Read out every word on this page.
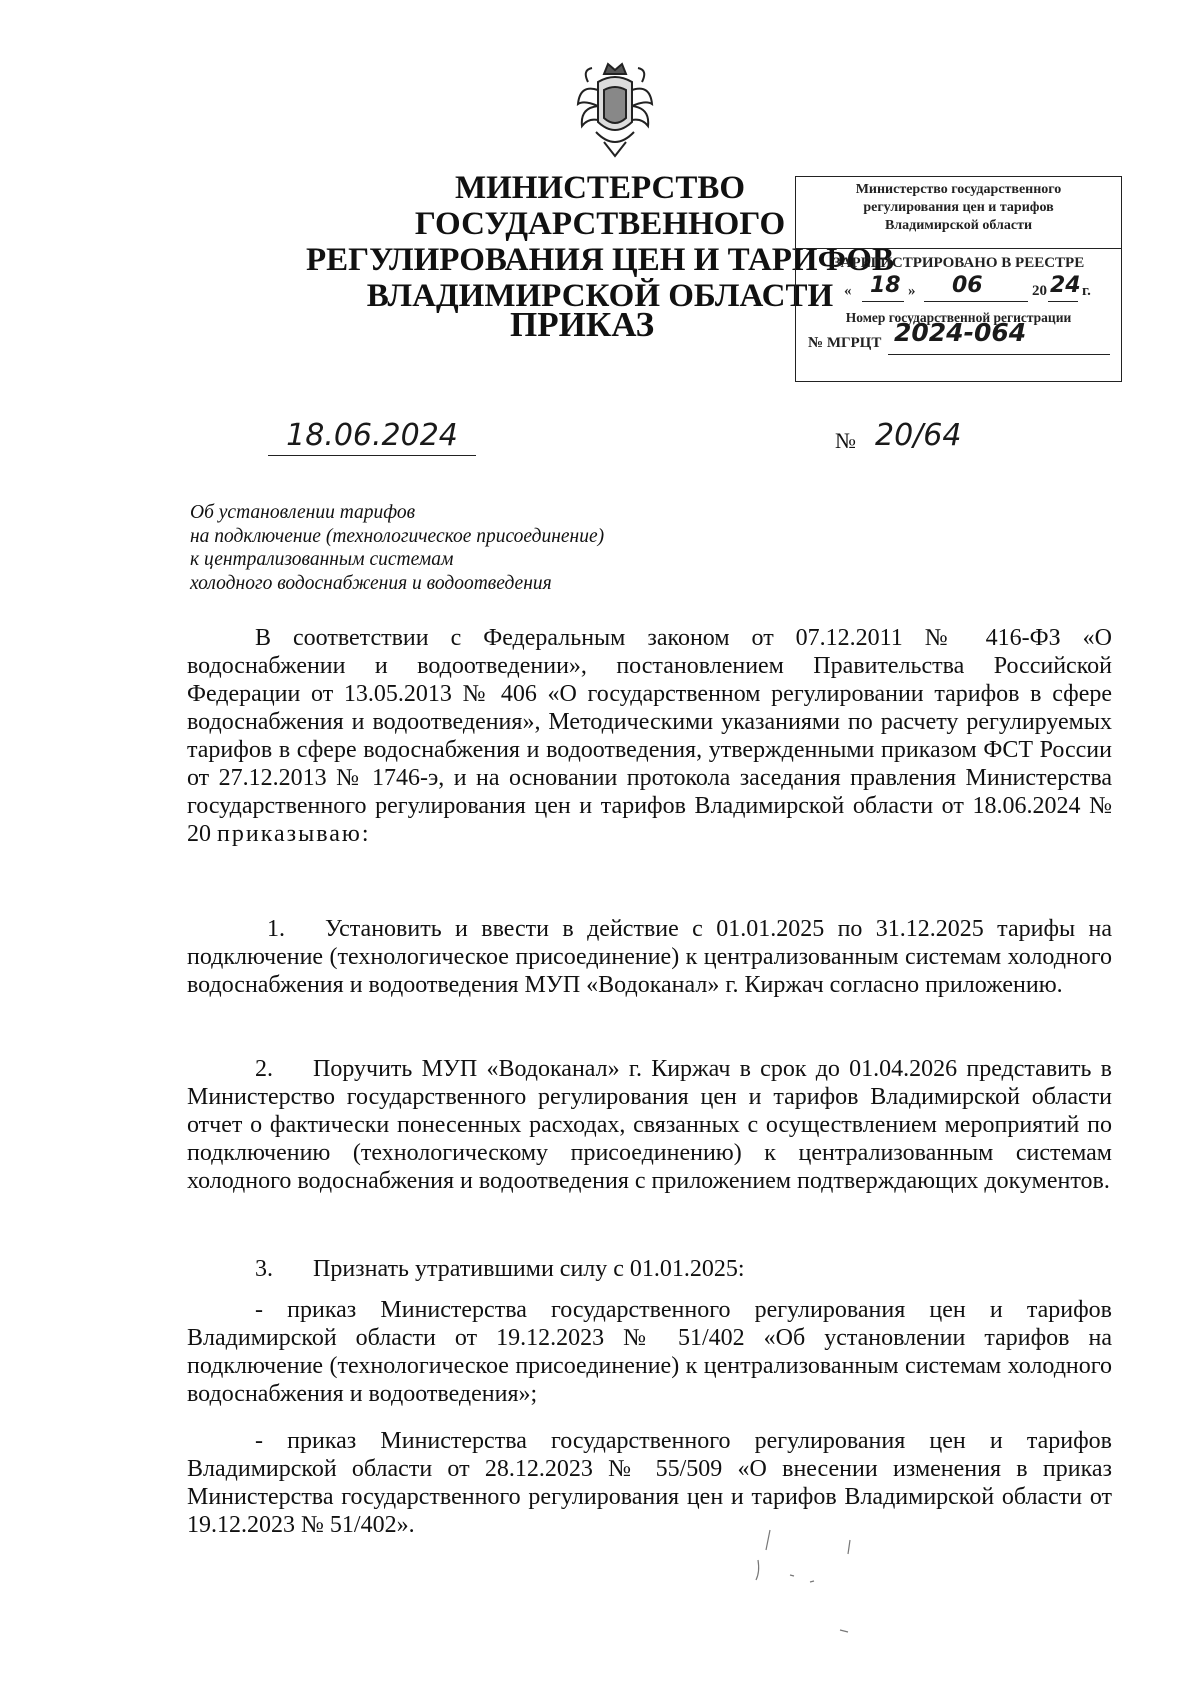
МИНИСТЕРСТВО ГОСУДАРСТВЕННОГО
РЕГУЛИРОВАНИЯ ЦЕН И ТАРИФОВ
ВЛАДИМИРСКОЙ ОБЛАСТИ
ПРИКАЗ
Министерство государственного
регулирования цен и тарифов
Владимирской области
ЗАРЕГИСТРИРОВАНО В РЕЕСТРЕ
« 18 » 06	20 24 г.
Номер государственной регистрации
№ МГРЦТ 2024-064
18.06.2024	№ 20/64
Об установлении тарифов
на подключение (технологическое присоединение)
к централизованным системам
холодного водоснабжения и водоотведения
В соответствии с Федеральным законом от 07.12.2011 № 416-ФЗ «О водоснабжении и водоотведении», постановлением Правительства Российской Федерации от 13.05.2013 № 406 «О государственном регулировании тарифов в сфере водоснабжения и водоотведения», Методическими указаниями по расчету регулируемых тарифов в сфере водоснабжения и водоотведения, утвержденными приказом ФСТ России от 27.12.2013 № 1746-э, и на основании протокола заседания правления Министерства государственного регулирования цен и тарифов Владимирской области от 18.06.2024 № 20 приказываю:
1. Установить и ввести в действие с 01.01.2025 по 31.12.2025 тарифы на подключение (технологическое присоединение) к централизованным системам холодного водоснабжения и водоотведения МУП «Водоканал» г. Киржач согласно приложению.
2. Поручить МУП «Водоканал» г. Киржач в срок до 01.04.2026 представить в Министерство государственного регулирования цен и тарифов Владимирской области отчет о фактически понесенных расходах, связанных с осуществлением мероприятий по подключению (технологическому присоединению) к централизованным системам холодного водоснабжения и водоотведения с приложением подтверждающих документов.
3. Признать утратившими силу с 01.01.2025:
- приказ Министерства государственного регулирования цен и тарифов Владимирской области от 19.12.2023 № 51/402 «Об установлении тарифов на подключение (технологическое присоединение) к централизованным системам холодного водоснабжения и водоотведения»;
- приказ Министерства государственного регулирования цен и тарифов Владимирской области от 28.12.2023 № 55/509 «О внесении изменения в приказ Министерства государственного регулирования цен и тарифов Владимирской области от 19.12.2023 № 51/402».
